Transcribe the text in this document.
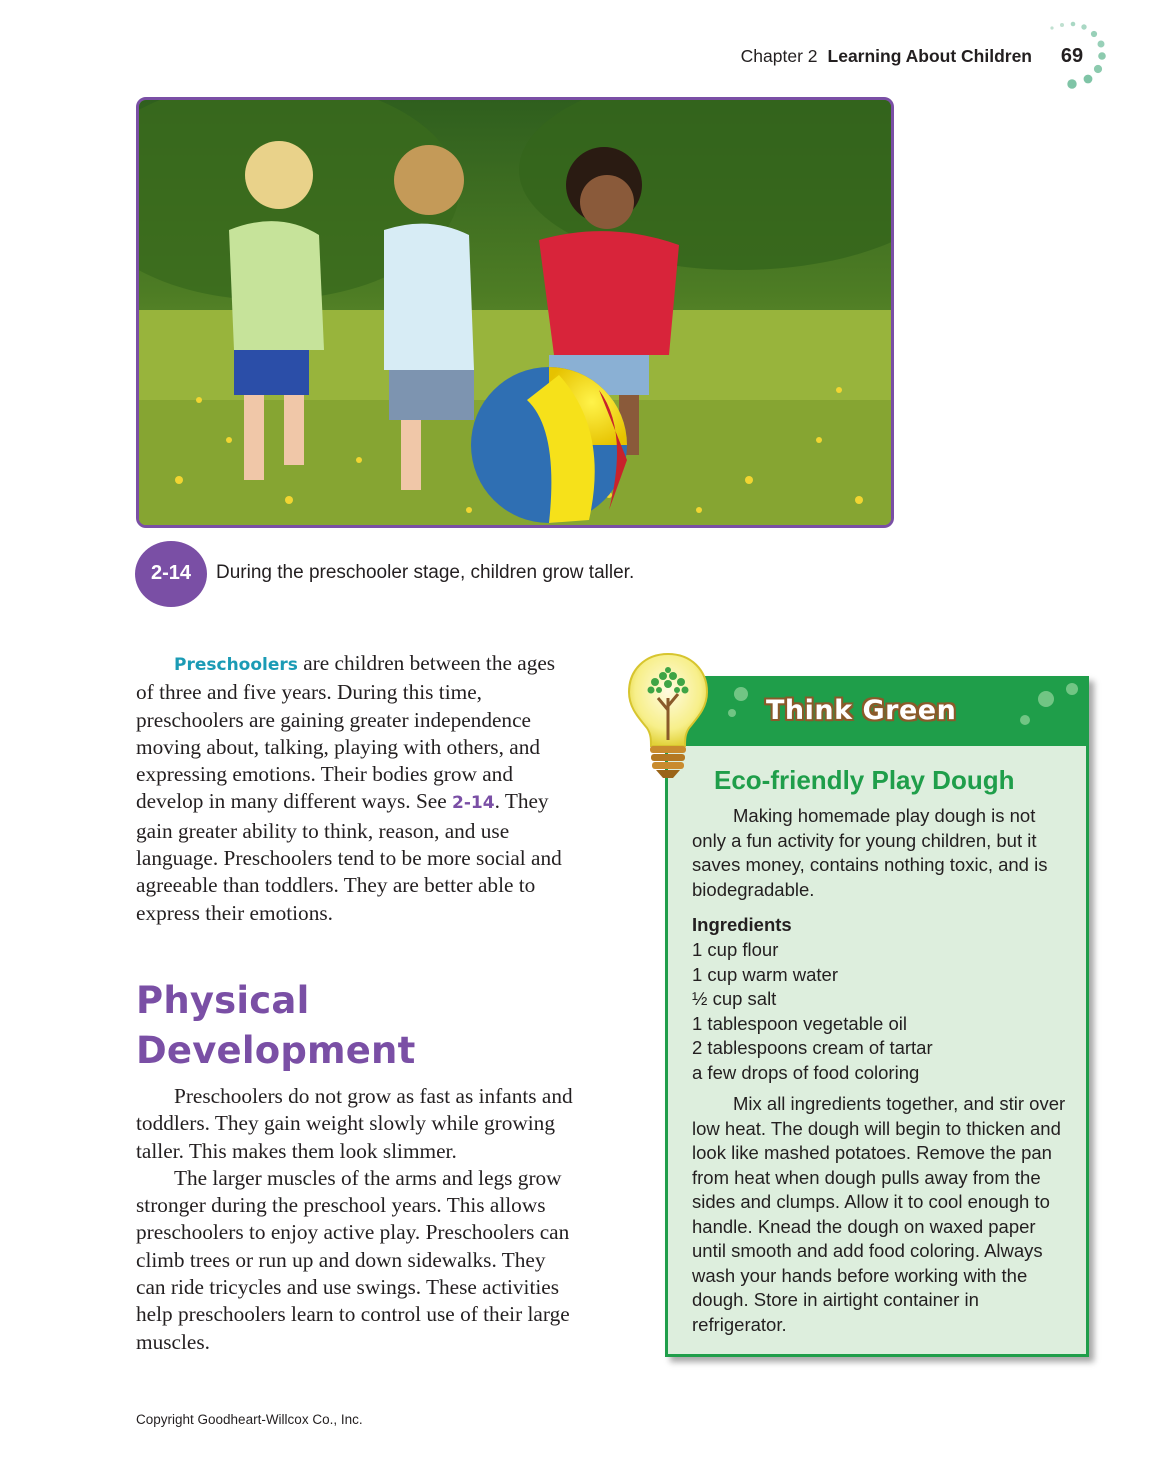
Chapter 2 Learning About Children 69
2-14	During the preschooler stage, children grow taller.

Preschoolers are children between the ages of three and five years. During this time, preschoolers are gaining greater independence moving about, talking, playing with others, and expressing emotions. Their bodies grow and develop in many different ways. See 2-14. They gain greater ability to think, reason, and use language. Preschoolers tend to be more social and agreeable than toddlers. They are better able to express their emotions.

Physical
Development

Preschoolers do not grow as fast as infants and toddlers. They gain weight slowly while growing taller. This makes them look slimmer.

The larger muscles of the arms and legs grow stronger during the preschool years. This allows preschoolers to enjoy active play. Preschoolers can climb trees or run up and down sidewalks. They can ride tricycles and use swings. These activities help preschoolers learn to control use of their large muscles.

Copyright Goodheart-Willcox Co., Inc.
Think Green
Eco-friendly Play Dough

Making homemade play dough is not only a fun activity for young children, but it saves money, contains nothing toxic, and is biodegradable.

Ingredients
1 cup flour
1 cup warm water
½ cup salt
1 tablespoon vegetable oil
2 tablespoons cream of tartar
a few drops of food coloring

Mix all ingredients together, and stir over low heat. The dough will begin to thicken and look like mashed potatoes. Remove the pan from heat when dough pulls away from the sides and clumps. Allow it to cool enough to handle. Knead the dough on waxed paper until smooth and add food coloring. Always wash your hands before working with the dough. Store in airtight container in refrigerator.
